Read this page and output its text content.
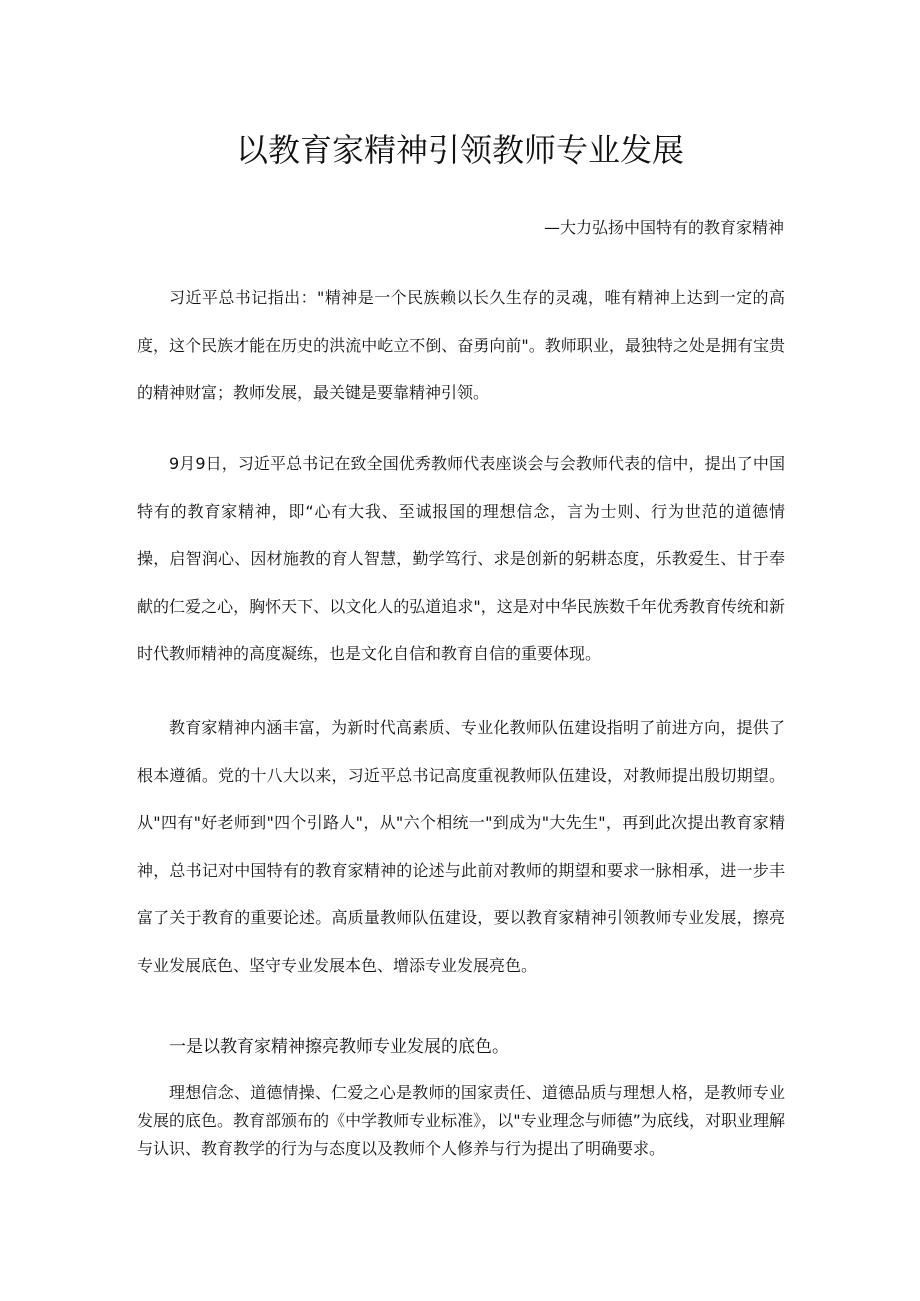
以教育家精神引领教师专业发展
—大力弘扬中国特有的教育家精神

习近平总书记指出："精神是一个民族赖以长久生存的灵魂，唯有精神上达到一定的高度，这个民族才能在历史的洪流中屹立不倒、奋勇向前"。教师职业，最独特之处是拥有宝贵的精神财富；教师发展，最关键是要靠精神引领。

9月9日，习近平总书记在致全国优秀教师代表座谈会与会教师代表的信中，提出了中国特有的教育家精神，即“心有大我、至诚报国的理想信念，言为士则、行为世范的道德情操，启智润心、因材施教的育人智慧，勤学笃行、求是创新的躬耕态度，乐教爱生、甘于奉献的仁爱之心，胸怀天下、以文化人的弘道追求"，这是对中华民族数千年优秀教育传统和新时代教师精神的高度凝练，也是文化自信和教育自信的重要体现。

教育家精神内涵丰富，为新时代高素质、专业化教师队伍建设指明了前进方向，提供了根本遵循。党的十八大以来，习近平总书记高度重视教师队伍建设，对教师提出殷切期望。从"四有"好老师到"四个引路人"，从"六个相统一"到成为"大先生"，再到此次提出教育家精神，总书记对中国特有的教育家精神的论述与此前对教师的期望和要求一脉相承，进一步丰富了关于教育的重要论述。高质量教师队伍建设，要以教育家精神引领教师专业发展，擦亮专业发展底色、坚守专业发展本色、增添专业发展亮色。

一是以教育家精神擦亮教师专业发展的底色。

理想信念、道德情操、仁爱之心是教师的国家责任、道德品质与理想人格，是教师专业发展的底色。教育部颁布的《中学教师专业标准》，以"专业理念与师德”为底线，对职业理解与认识、教育教学的行为与态度以及教师个人修养与行为提出了明确要求。
